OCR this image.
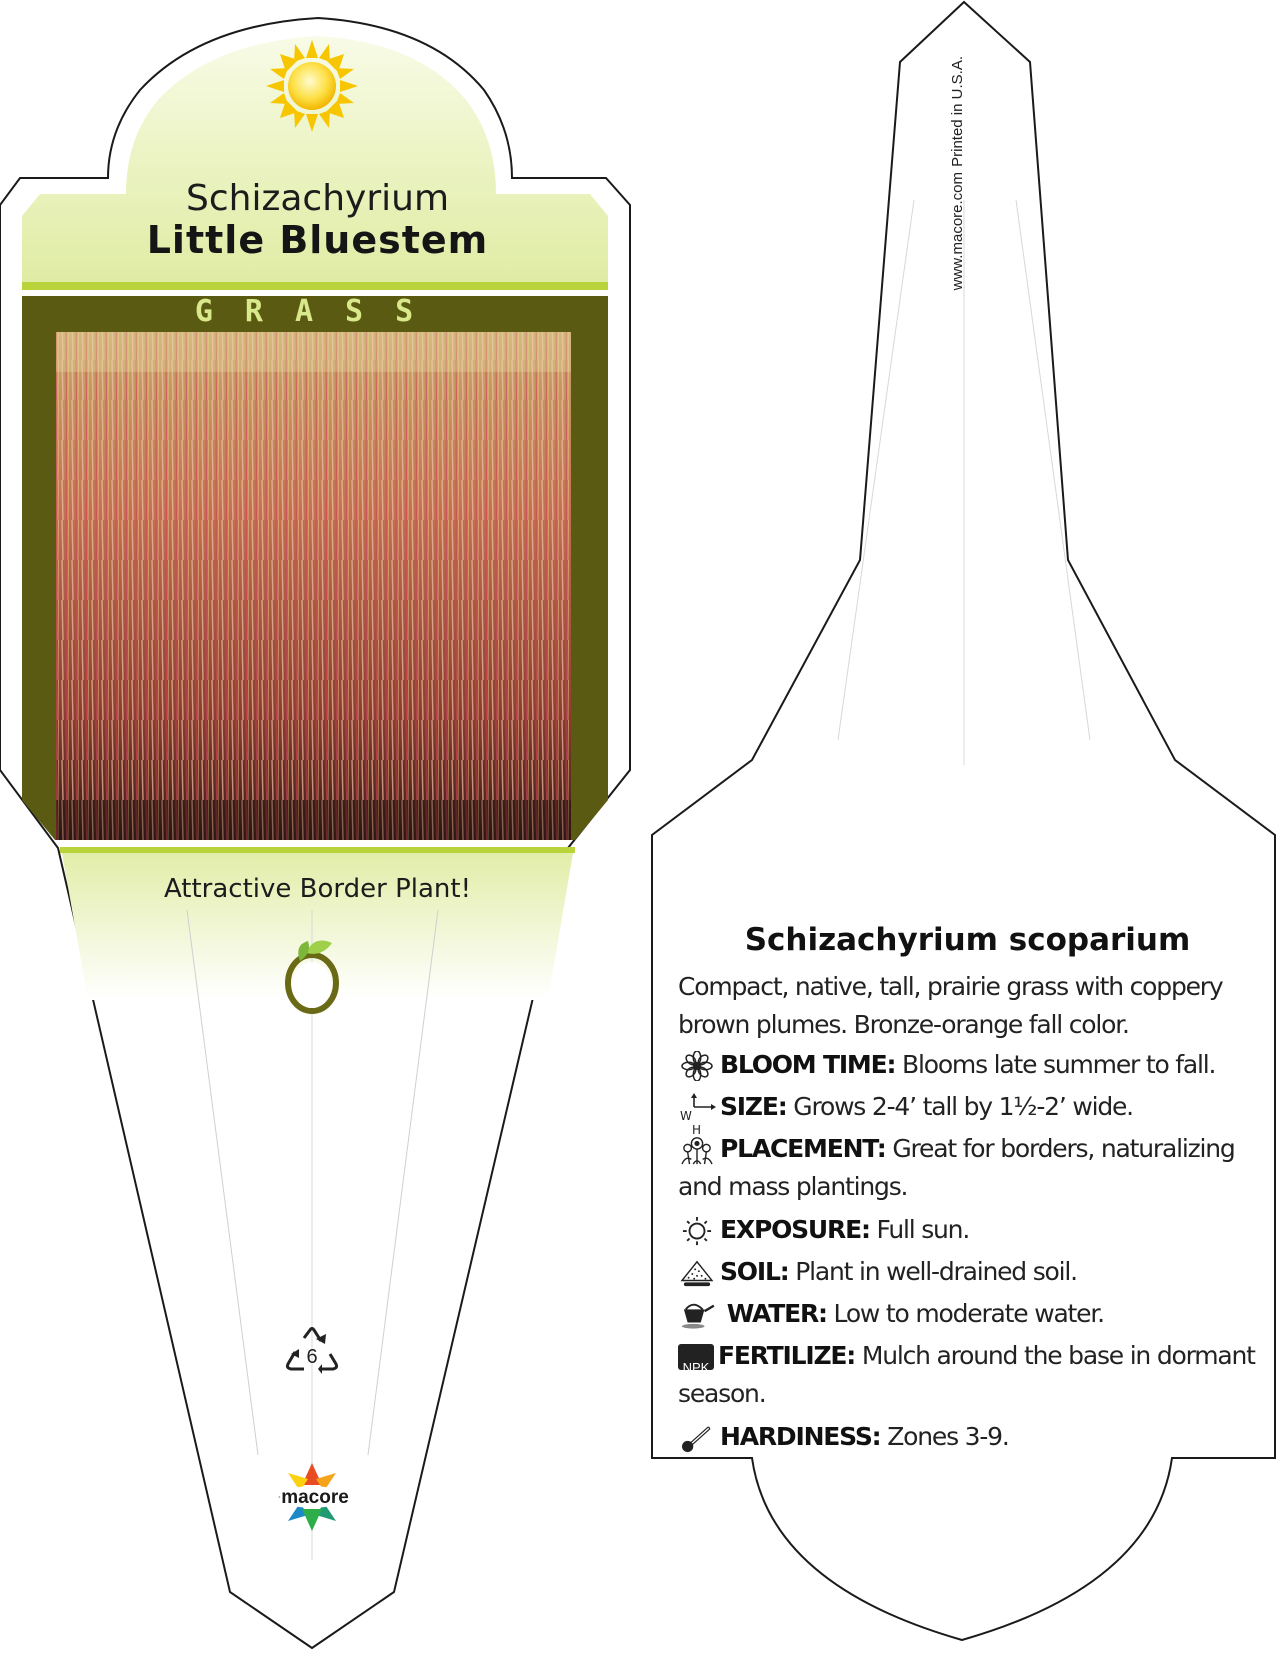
Schizachyrium
Little Bluestem
GRASS
Attractive Border Plant!
6
macore
Printed in U.S.A. www.macore.com
Schizachyrium scoparium
Compact, native, tall, prairie grass with coppery brown plumes. Bronze-orange fall color.
BLOOM TIME: Blooms late summer to fall.
W
H
SIZE: Grows 2-4’ tall by 1½-2’ wide.
PLACEMENT: Great for borders, naturalizing and mass plantings.
EXPOSURE: Full sun.
SOIL: Plant in well-drained soil.
WATER: Low to moderate water.
NPK FERTILIZE: Mulch around the base in dormant season.
HARDINESS: Zones 3-9.
